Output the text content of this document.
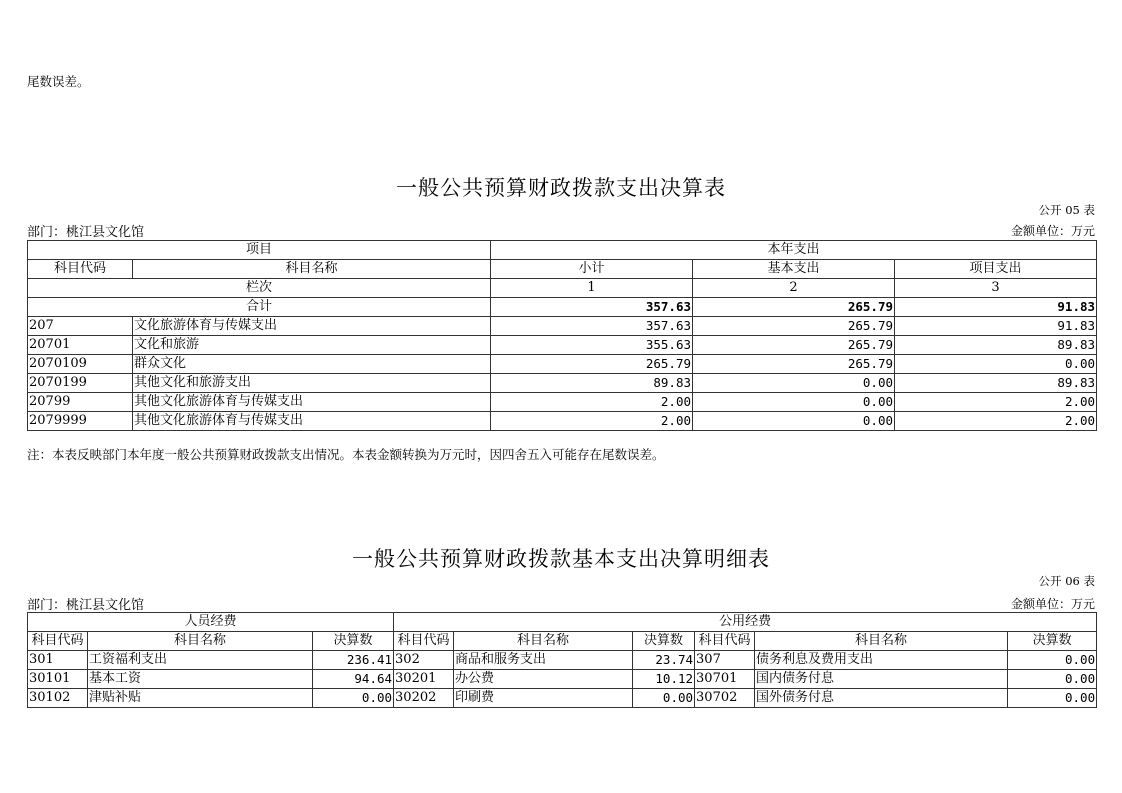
尾数误差。
一般公共预算财政拨款支出决算表
公开 05 表
部门：桃江县文化馆	金额单位：万元
项目		本年支出		
科目代码	科目名称	小计	基本支出	项目支出
栏次		1	2	3
合计		357.63	265.79	91.83
207	文化旅游体育与传媒支出	357.63	265.79	91.83
20701	文化和旅游	355.63	265.79	89.83
2070109	群众文化	265.79	265.79	0.00
2070199	其他文化和旅游支出	89.83	0.00	89.83
20799	其他文化旅游体育与传媒支出	2.00	0.00	2.00
2079999	其他文化旅游体育与传媒支出	2.00	0.00	2.00
注：本表反映部门本年度一般公共预算财政拨款支出情况。本表金额转换为万元时，因四舍五入可能存在尾数误差。
一般公共预算财政拨款基本支出决算明细表
公开 06 表
部门：桃江县文化馆	金额单位：万元
人员经费			公用经费					
科目代码	科目名称	决算数	科目代码	科目名称	决算数	科目代码	科目名称	决算数
301	工资福利支出	236.41	302	商品和服务支出	23.74	307	债务利息及费用支出	0.00
30101	基本工资	94.64	30201	办公费	10.12	30701	国内债务付息	0.00
30102	津贴补贴	0.00	30202	印刷费	0.00	30702	国外债务付息	0.00
